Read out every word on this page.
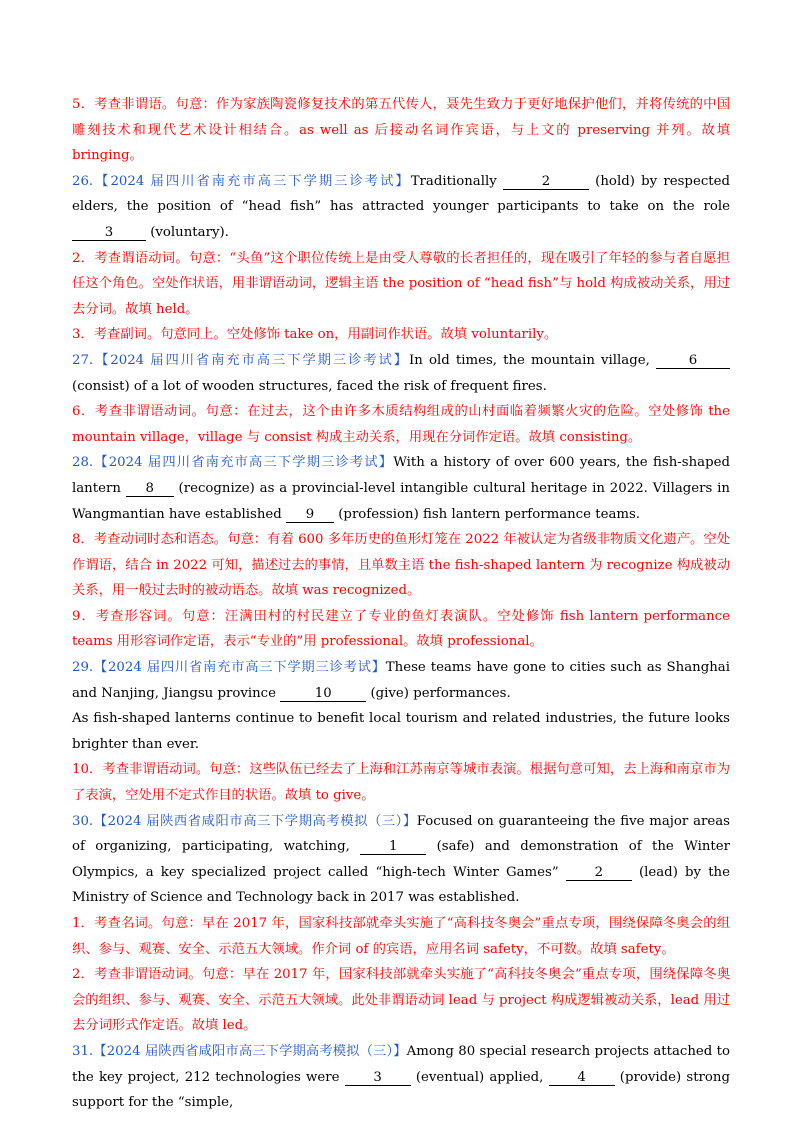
5．考查非谓语。句意：作为家族陶瓷修复技术的第五代传人，聂先生致力于更好地保护他们，并将传统的中国雕刻技术和现代艺术设计相结合。as well as 后接动名词作宾语，与上文的 preserving 并列。故填 bringing。

26.【2024 届四川省南充市高三下学期三诊考试】Traditionally	2	(hold) by respected elders, the position of “head fish” has attracted younger participants to take on the role 3 (voluntary).

2．考查谓语动词。句意：“头鱼”这个职位传统上是由受人尊敬的长者担任的，现在吸引了年轻的参与者自愿担任这个角色。空处作状语，用非谓语动词，逻辑主语 the position of “head fish”与 hold 构成被动关系，用过去分词。故填 held。

3．考查副词。句意同上。空处修饰 take on，用副词作状语。故填 voluntarily。

27.【2024 届四川省南充市高三下学期三诊考试】In old times, the mountain village, 6 (consist) of a lot of wooden structures, faced the risk of frequent fires.

6．考查非谓语动词。句意：在过去，这个由许多木质结构组成的山村面临着频繁火灾的危险。空处修饰 the mountain village，village 与 consist 构成主动关系，用现在分词作定语。故填 consisting。

28.【2024 届四川省南充市高三下学期三诊考试】With a history of over 600 years, the fish-shaped lantern 8 (recognize) as a provincial-level intangible cultural heritage in 2022. Villagers in Wangmantian have established 9 (profession) fish lantern performance teams.

8．考查动词时态和语态。句意：有着 600 多年历史的鱼形灯笼在 2022 年被认定为省级非物质文化遗产。空处作谓语，结合 in 2022 可知，描述过去的事情，且单数主语 the fish-shaped lantern 为 recognize 构成被动关系，用一般过去时的被动语态。故填 was recognized。

9．考查形容词。句意：汪满田村的村民建立了专业的鱼灯表演队。空处修饰 fish lantern performance teams 用形容词作定语，表示“专业的”用 professional。故填 professional。

29.【2024 届四川省南充市高三下学期三诊考试】These teams have gone to cities such as Shanghai and Nanjing, Jiangsu province	10	(give) performances.

As fish-shaped lanterns continue to benefit local tourism and related industries, the future looks brighter than ever.

10．考查非谓语动词。句意：这些队伍已经去了上海和江苏南京等城市表演。根据句意可知，去上海和南京市为了表演，空处用不定式作目的状语。故填 to give。

30.【2024 届陕西省咸阳市高三下学期高考模拟（三）】Focused on guaranteeing the five major areas of organizing, participating, watching, 1 (safe) and demonstration of the Winter Olympics, a key specialized project called “high-tech Winter Games” 2 (lead) by the Ministry of Science and Technology back in 2017 was established.

1．考查名词。句意：早在 2017 年，国家科技部就牵头实施了“高科技冬奥会”重点专项，围绕保障冬奥会的组织、参与、观赛、安全、示范五大领域。作介词 of 的宾语，应用名词 safety，不可数。故填 safety。

2．考查非谓语动词。句意：早在 2017 年，国家科技部就牵头实施了“高科技冬奥会”重点专项，围绕保障冬奥会的组织、参与、观赛、安全、示范五大领域。此处非谓语动词 lead 与 project 构成逻辑被动关系，lead 用过去分词形式作定语。故填 led。

31.【2024 届陕西省咸阳市高三下学期高考模拟（三）】Among 80 special research projects attached to the key project, 212 technologies were 3 (eventual) applied, 4 (provide) strong support for the “simple,
